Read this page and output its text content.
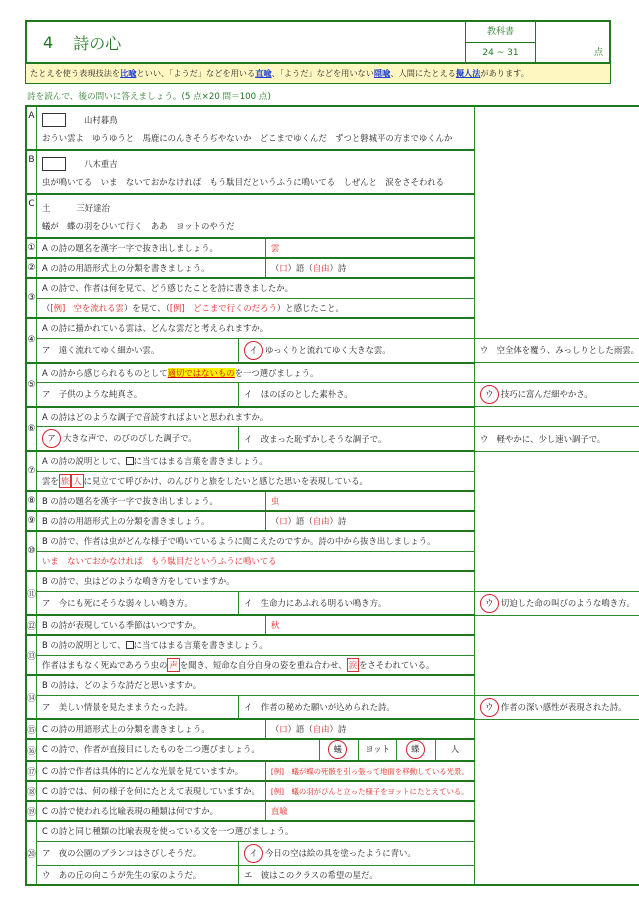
4 詩の心
教科書
24 ~ 31	点
たとえを使う表現技法を比喩といい、「ようだ」などを用いる直喩、「ようだ」などを用いない隠喩、人間にたとえる擬人法があります。
詩を読んで、後の問いに答えましょう。(5 点×20 問＝100 点)
A	山村暮鳥
おうい雲よ　ゆうゆうと　馬鹿にのんきそうぢやないか　どこまでゆくんだ　ずつと磐城平の方までゆくんか			

B	八木重吉
虫が鳴いてる　いま　ないておかなければ　もう駄目だというふうに鳴いてる　しぜんと　涙をさそわれる			

C	土 三好達治
蟻が　蝶の羽をひいて行く　ああ　ヨットのやうだ			

①	A の詩の題名を漢字一字で抜き出しましょう。		雲	
②	A の詩の用語形式上の分類を書きましょう。		（口）語（自由）詩	
③	A の詩で、作者は何を見て、どう感じたことを詩に書きましたか。			
	（[例]　空を流れる雲）を見て、（[例]　どこまで行くのだろう）と感じたこと。			
④	A の詩に描かれている雲は、どんな雲だと考えられますか。			
	ア　遠く流れてゆく細かい雲。	イ ゆっくりと流れてゆく大きな雲。		ウ　空全体を覆う、みっしりとした雨雲。
⑤	A の詩から感じられるものとして適切ではないものを一つ選びましょう。			
	ア　子供のような純真さ。	イ　ほのぼのとした素朴さ。		ウ 技巧に富んだ細やかさ。
⑥	A の詩はどのような調子で音読すればよいと思われますか。			
	ア 大きな声で、のびのびした調子で。	イ　改まった恥ずかしそうな調子で。		ウ　軽やかに、少し速い調子で。
⑦	A の詩の説明として、 に当てはまる言葉を書きましょう。			
	雲を 旅 人 に見立てて呼びかけ、のんびりと旅をしたいと感じた思いを表現している。			
⑧	B の詩の題名を漢字一字で抜き出しましょう。		虫	
⑨	B の詩の用語形式上の分類を書きましょう。		（口）語（自由）詩	
⑩	B の詩で、作者は虫がどんな様子で鳴いているように聞こえたのですか。詩の中から抜き出しましょう。			
	いま　ないておかなければ　もう駄目だというふうに鳴いてる			
⑪	B の詩で、虫はどのような鳴き方をしていますか。			
	ア　今にも死にそうな弱々しい鳴き方。	イ　生命力にあふれる明るい鳴き方。		ウ 切迫した命の叫びのような鳴き方。
⑫	B の詩が表現している季節はいつですか。		秋	
⑬	B の詩の説明として、 に当てはまる言葉を書きましょう。			
	作者はまもなく死ぬであろう虫の 声 を聞き、短命な自分自身の姿を重ね合わせ、 涙 をさそわれている。			
⑭	B の詩は、どのような詩だと思いますか。			
	ア　美しい情景を見たままうたった詩。	イ　作者の秘めた願いが込められた詩。		ウ 作者の深い感性が表現された詩。
⑮	C の詩の用語形式上の分類を書きましょう。		（口）語（自由）詩	
⑯	C の詩で、作者が直接目にしたものを二つ選びましょう。 蟻 ヨット 蝶 人			

⑰	C の詩で作者は具体的にどんな光景を見ていますか。		[例]　蟻が蝶の死骸を引っ張って地面を移動している光景。	
⑱	C の詩では、何の様子を何にたとえて表現していますか。		[例]　蟻の羽がぴんと立った様子をヨットにたとえている。	
⑲	C の詩で使われる比喩表現の種類は何ですか。		直喩	
⑳	C の詩と同じ種類の比喩表現を使っている文を一つ選びましょう。			
	ア　夜の公園のブランコはさびしそうだ。	イ 今日の空は絵の具を塗ったように青い。		
	ウ　あの丘の向こうが先生の家のようだ。	エ　彼はこのクラスの希望の星だ。		
